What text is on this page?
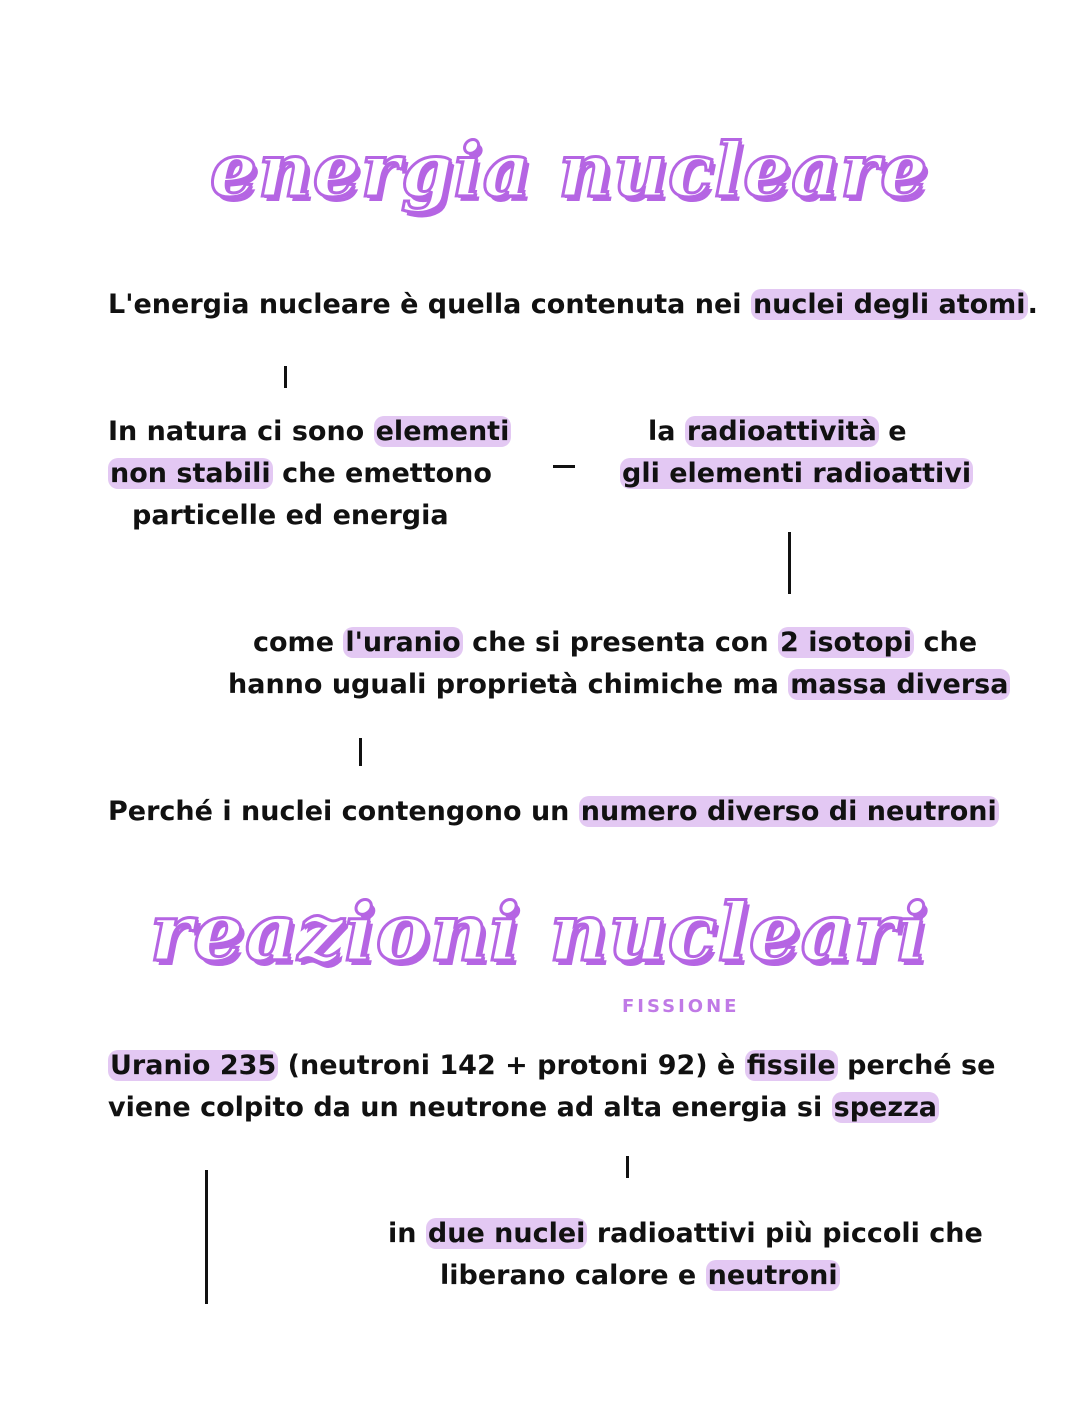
energia nucleare
L'energia nucleare è quella contenuta nei nuclei degli atomi.
In natura ci sono elementi
non stabili che emettono
particelle ed energia
la radioattività e
gli elementi radioattivi
come l'uranio che si presenta con 2 isotopi che
hanno uguali proprietà chimiche ma massa diversa
Perché i nuclei contengono un numero diverso di neutroni
reazioni nucleari
FISSIONE
Uranio 235 (neutroni 142 + protoni 92) è fissile perché se
viene colpito da un neutrone ad alta energia si spezza
in due nuclei radioattivi più piccoli che
liberano calore e neutroni
